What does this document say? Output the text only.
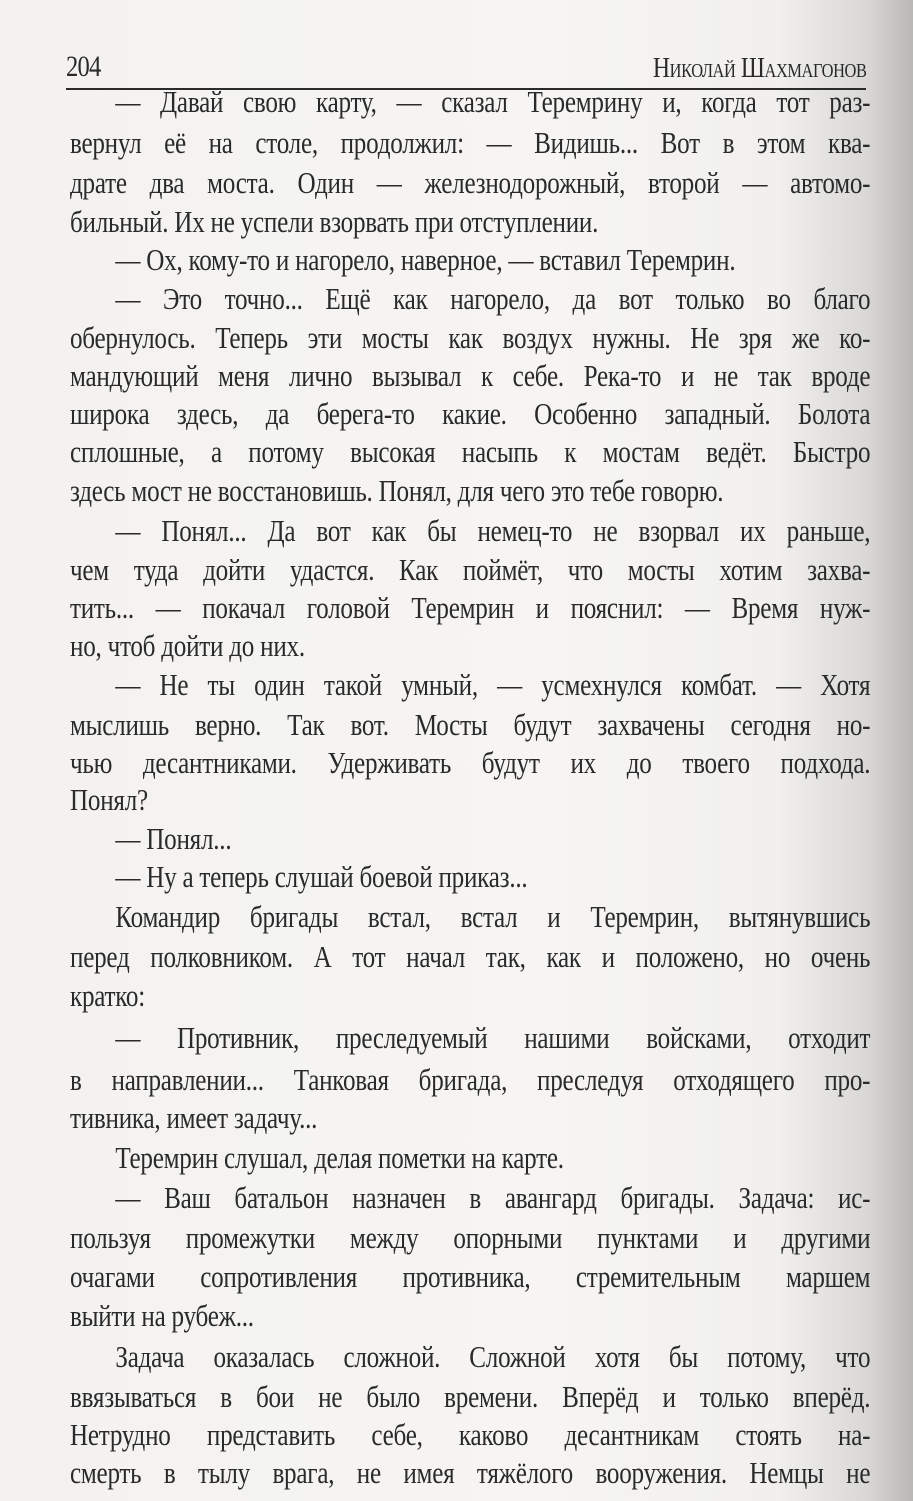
204	Николай Шахмагонов
— Давай свою карту, — сказал Теремрину и, когда тот раз-
вернул её на столе, продолжил: — Видишь... Вот в этом ква-
драте два моста. Один — железнодорожный, второй — автомо-
бильный. Их не успели взорвать при отступлении.
— Ох, кому-то и нагорело, наверное, — вставил Теремрин.
— Это точно... Ещё как нагорело, да вот только во благо
обернулось. Теперь эти мосты как воздух нужны. Не зря же ко-
мандующий меня лично вызывал к себе. Река-то и не так вроде
широка здесь, да берега-то какие. Особенно западный. Болота
сплошные, а потому высокая насыпь к мостам ведёт. Быстро
здесь мост не восстановишь. Понял, для чего это тебе говорю.
— Понял... Да вот как бы немец-то не взорвал их раньше,
чем туда дойти удастся. Как поймёт, что мосты хотим захва-
тить... — покачал головой Теремрин и пояснил: — Время нуж-
но, чтоб дойти до них.
— Не ты один такой умный, — усмехнулся комбат. — Хотя
мыслишь верно. Так вот. Мосты будут захвачены сегодня но-
чью десантниками. Удерживать будут их до твоего подхода.
Понял?
— Понял...
— Ну а теперь слушай боевой приказ...
Командир бригады встал, встал и Теремрин, вытянувшись
перед полковником. А тот начал так, как и положено, но очень
кратко:
— Противник, преследуемый нашими войсками, отходит
в направлении... Танковая бригада, преследуя отходящего про-
тивника, имеет задачу...
Теремрин слушал, делая пометки на карте.
— Ваш батальон назначен в авангард бригады. Задача: ис-
пользуя промежутки между опорными пунктами и другими
очагами сопротивления противника, стремительным маршем
выйти на рубеж...
Задача оказалась сложной. Сложной хотя бы потому, что
ввязываться в бои не было времени. Вперёд и только вперёд.
Нетрудно представить себе, каково десантникам стоять на-
смерть в тылу врага, не имея тяжёлого вооружения. Немцы не
